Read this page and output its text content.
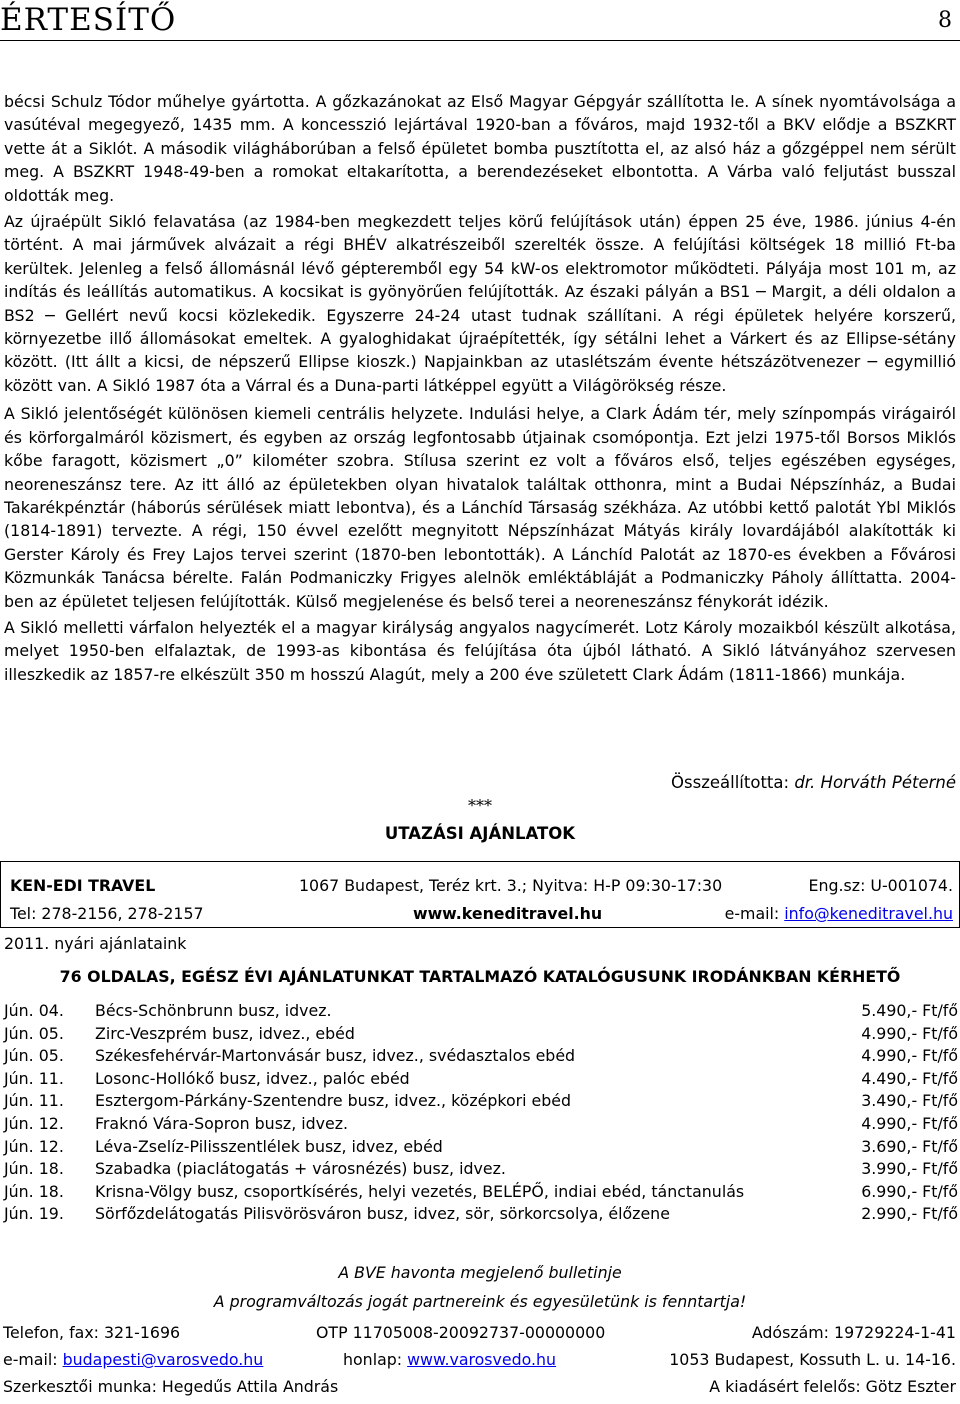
ÉRTESÍTŐ	8

bécsi Schulz Tódor műhelye gyártotta. A gőzkazánokat az Első Magyar Gépgyár szállította le. A sínek nyomtávolsága a vasútéval megegyező, 1435 mm. A koncesszió lejártával 1920-ban a főváros, majd 1932-től a BKV elődje a BSZKRT vette át a Siklót. A második világháborúban a felső épületet bomba pusztította el, az alsó ház a gőzgéppel nem sérült meg. A BSZKRT 1948-49-ben a romokat eltakarította, a berendezéseket elbontotta. A Várba való feljutást busszal oldották meg.

Az újraépült Sikló felavatása (az 1984-ben megkezdett teljes körű felújítások után) éppen 25 éve, 1986. június 4-én történt. A mai járművek alvázait a régi BHÉV alkatrészeiből szerelték össze. A felújítási költségek 18 millió Ft-ba kerültek. Jelenleg a felső állomásnál lévő gépteremből egy 54 kW-os elektromotor működteti. Pályája most 101 m, az indítás és leállítás automatikus. A kocsikat is gyönyörűen felújították. Az északi pályán a BS1 ─ Margit, a déli oldalon a BS2 ─ Gellért nevű kocsi közlekedik. Egyszerre 24-24 utast tudnak szállítani. A régi épületek helyére korszerű, környezetbe illő állomásokat emeltek. A gyaloghidakat újraépítették, így sétálni lehet a Várkert és az Ellipse-sétány között. (Itt állt a kicsi, de népszerű Ellipse kioszk.) Napjainkban az utaslétszám évente hétszázötvenezer ─ egymillió között van. A Sikló 1987 óta a Várral és a Duna-parti látképpel együtt a Világörökség része.

A Sikló jelentőségét különösen kiemeli centrális helyzete. Indulási helye, a Clark Ádám tér, mely színpompás virágairól és körforgalmáról közismert, és egyben az ország legfontosabb útjainak csomópontja. Ezt jelzi 1975-től Borsos Miklós kőbe faragott, közismert „0” kilométer szobra. Stílusa szerint ez volt a főváros első, teljes egészében egységes, neoreneszánsz tere. Az itt álló az épületekben olyan hivatalok találtak otthonra, mint a Budai Népszínház, a Budai Takarékpénztár (háborús sérülések miatt lebontva), és a Lánchíd Társaság székháza. Az utóbbi kettő palotát Ybl Miklós (1814-1891) tervezte. A régi, 150 évvel ezelőtt megnyitott Népszínházat Mátyás király lovardájából alakították ki Gerster Károly és Frey Lajos tervei szerint (1870-ben lebontották). A Lánchíd Palotát az 1870-es években a Fővárosi Közmunkák Tanácsa bérelte. Falán Podmaniczky Frigyes alelnök emléktábláját a Podmaniczky Páholy állíttatta. 2004-ben az épületet teljesen felújították. Külső megjelenése és belső terei a neoreneszánsz fénykorát idézik.

A Sikló melletti várfalon helyezték el a magyar királyság angyalos nagycímerét. Lotz Károly mozaikból készült alkotása, melyet 1950-ben elfalaztak, de 1993-as kibontása és felújítása óta újból látható. A Sikló látványához szervesen illeszkedik az 1857-re elkészült 350 m hosszú Alagút, mely a 200 éve született Clark Ádám (1811-1866) munkája.

Összeállította: dr. Horváth Péterné
***
UTAZÁSI AJÁNLATOK
KEN-EDI TRAVEL	1067 Budapest, Teréz krt. 3.; Nyitva: H-P 09:30-17:30	Eng.sz: U-001074.
Tel: 278-2156, 278-2157	www.keneditravel.hu	e-mail: info@keneditravel.hu
2011. nyári ajánlataink
76 OLDALAS, EGÉSZ ÉVI AJÁNLATUNKAT TARTALMAZÓ KATALÓGUSUNK IRODÁNKBAN KÉRHETŐ
Jún. 04. Bécs-Schönbrunn busz, idvez.	5.490,- Ft/fő
Jún. 05. Zirc-Veszprém busz, idvez., ebéd	4.990,- Ft/fő
Jún. 05. Székesfehérvár-Martonvásár busz, idvez., svédasztalos ebéd	4.990,- Ft/fő
Jún. 11. Losonc-Hollókő busz, idvez., palóc ebéd	4.490,- Ft/fő
Jún. 11. Esztergom-Párkány-Szentendre busz, idvez., középkori ebéd	3.490,- Ft/fő
Jún. 12. Fraknó Vára-Sopron busz, idvez.	4.990,- Ft/fő
Jún. 12. Léva-Zselíz-Pilisszentlélek busz, idvez, ebéd	3.690,- Ft/fő
Jún. 18. Szabadka (piaclátogatás + városnézés) busz, idvez.	3.990,- Ft/fő
Jún. 18. Krisna-Völgy busz, csoportkísérés, helyi vezetés, BELÉPŐ, indiai ebéd, tánctanulás	6.990,- Ft/fő
Jún. 19. Sörfőzdelátogatás Pilisvörösváron busz, idvez, sör, sörkorcsolya, élőzene	2.990,- Ft/fő
A BVE havonta megjelenő bulletinje
A programváltozás jogát partnereink és egyesületünk is fenntartja!
Telefon, fax: 321-1696	OTP 11705008-20092737-00000000	Adószám: 19729224-1-41
e-mail: budapesti@varosvedo.hu	honlap: www.varosvedo.hu	1053 Budapest, Kossuth L. u. 14-16.
Szerkesztői munka: Hegedűs Attila András	A kiadásért felelős: Götz Eszter
